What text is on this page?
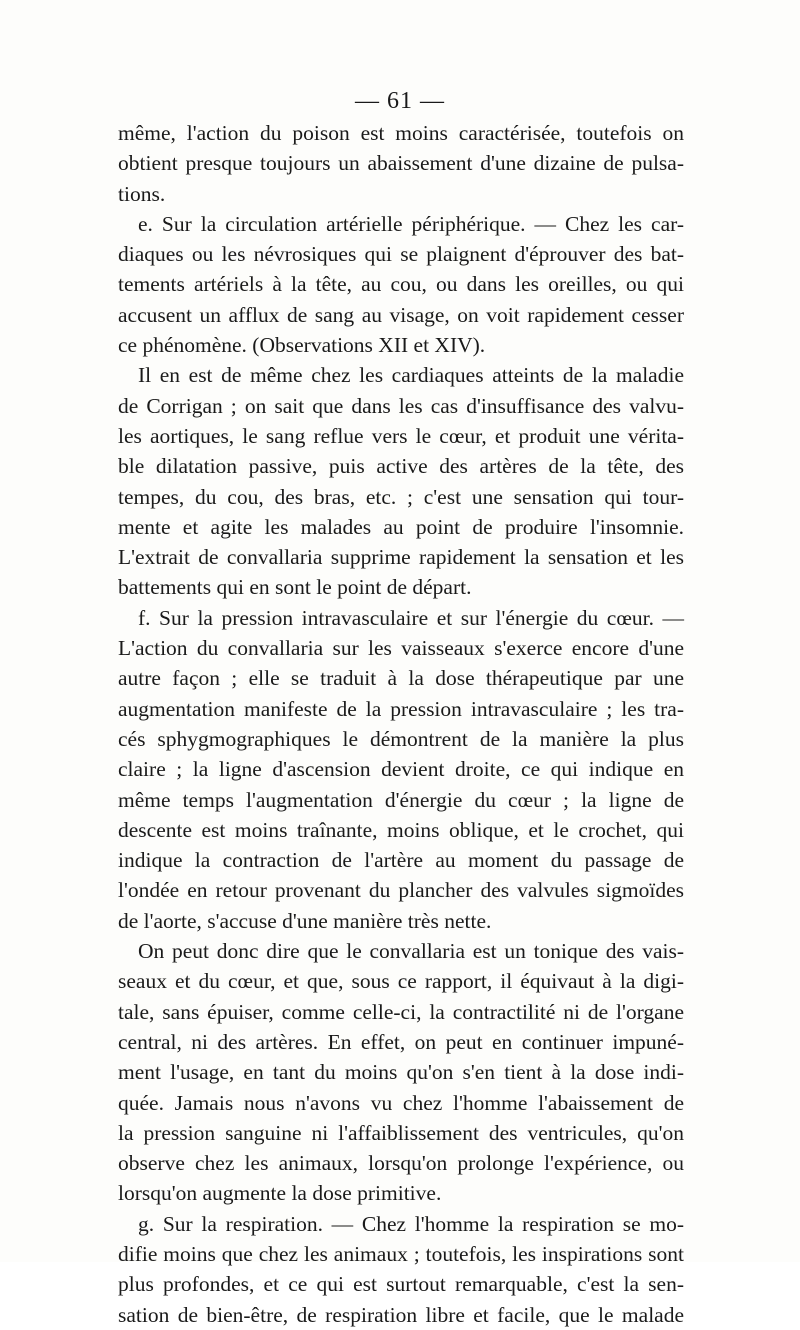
— 61 —
même, l'action du poison est moins caractérisée, toutefois on
obtient presque toujours un abaissement d'une dizaine de pulsa-
tions.
e. Sur la circulation artérielle périphérique. — Chez les car-
diaques ou les névrosiques qui se plaignent d'éprouver des bat-
tements artériels à la tête, au cou, ou dans les oreilles, ou qui
accusent un afflux de sang au visage, on voit rapidement cesser
ce phénomène. (Observations XII et XIV).
Il en est de même chez les cardiaques atteints de la maladie
de Corrigan ; on sait que dans les cas d'insuffisance des valvu-
les aortiques, le sang reflue vers le cœur, et produit une vérita-
ble dilatation passive, puis active des artères de la tête, des
tempes, du cou, des bras, etc. ; c'est une sensation qui tour-
mente et agite les malades au point de produire l'insomnie.
L'extrait de convallaria supprime rapidement la sensation et les
battements qui en sont le point de départ.
f. Sur la pression intravasculaire et sur l'énergie du cœur. —
L'action du convallaria sur les vaisseaux s'exerce encore d'une
autre façon ; elle se traduit à la dose thérapeutique par une
augmentation manifeste de la pression intravasculaire ; les tra-
cés sphygmographiques le démontrent de la manière la plus
claire ; la ligne d'ascension devient droite, ce qui indique en
même temps l'augmentation d'énergie du cœur ; la ligne de
descente est moins traînante, moins oblique, et le crochet, qui
indique la contraction de l'artère au moment du passage de
l'ondée en retour provenant du plancher des valvules sigmoïdes
de l'aorte, s'accuse d'une manière très nette.
On peut donc dire que le convallaria est un tonique des vais-
seaux et du cœur, et que, sous ce rapport, il équivaut à la digi-
tale, sans épuiser, comme celle-ci, la contractilité ni de l'organe
central, ni des artères. En effet, on peut en continuer impuné-
ment l'usage, en tant du moins qu'on s'en tient à la dose indi-
quée. Jamais nous n'avons vu chez l'homme l'abaissement de
la pression sanguine ni l'affaiblissement des ventricules, qu'on
observe chez les animaux, lorsqu'on prolonge l'expérience, ou
lorsqu'on augmente la dose primitive.
g. Sur la respiration. — Chez l'homme la respiration se mo-
difie moins que chez les animaux ; toutefois, les inspirations sont
plus profondes, et ce qui est surtout remarquable, c'est la sen-
sation de bien-être, de respiration libre et facile, que le malade
